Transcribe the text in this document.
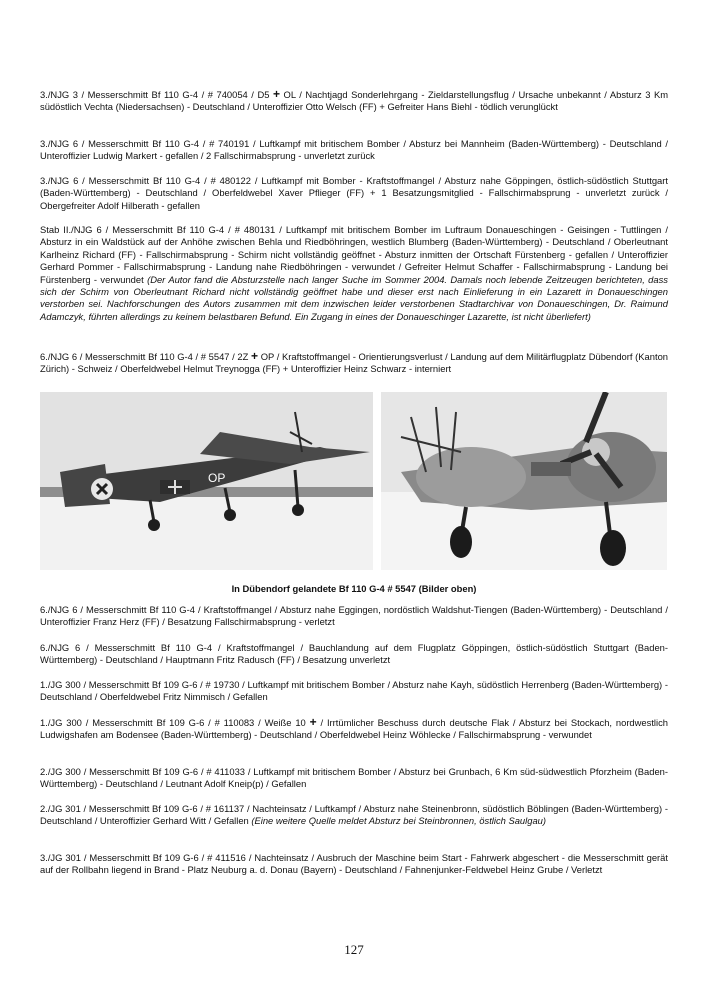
3./NJG 3 / Messerschmitt Bf 110 G-4 / # 740054 / D5 + OL / Nachtjagd Sonderlehrgang - Zieldarstellungsflug / Ursache unbekannt / Absturz 3 Km südöstlich Vechta (Niedersachsen) - Deutschland / Unteroffizier Otto Welsch (FF) + Gefreiter Hans Biehl - tödlich verunglückt

3./NJG 6 / Messerschmitt Bf 110 G-4 / # 740191 / Luftkampf mit britischem Bomber / Absturz bei Mannheim (Baden-Württemberg) - Deutschland / Unteroffizier Ludwig Markert - gefallen / 2 Fallschirmabsprung - unverletzt zurück

3./NJG 6 / Messerschmitt Bf 110 G-4 / # 480122 / Luftkampf mit Bomber - Kraftstoffmangel / Absturz nahe Göppingen, östlich-südöstlich Stuttgart (Baden-Württemberg) - Deutschland / Oberfeldwebel Xaver Pflieger (FF) + 1 Besatzungsmitglied - Fallschirmabsprung - unverletzt zurück / Obergefreiter Adolf Hilberath - gefallen

Stab II./NJG 6 / Messerschmitt Bf 110 G-4 / # 480131 / Luftkampf mit britischem Bomber im Luftraum Donaueschingen - Geisingen - Tuttlingen / Absturz in ein Waldstück auf der Anhöhe zwischen Behla und Riedböhringen, westlich Blumberg (Baden-Württemberg) - Deutschland / Oberleutnant Karlheinz Richard (FF) - Fallschirmabsprung - Schirm nicht vollständig geöffnet - Absturz inmitten der Ortschaft Fürstenberg - gefallen / Unteroffizier Gerhard Pommer - Fallschirmabsprung - Landung nahe Riedböhringen - verwundet / Gefreiter Helmut Schaffer - Fallschirmabsprung - Landung bei Fürstenberg - verwundet (Der Autor fand die Absturzstelle nach langer Suche im Sommer 2004. Damals noch lebende Zeitzeugen berichteten, dass sich der Schirm von Oberleutnant Richard nicht vollständig geöffnet habe und dieser erst nach Einlieferung in ein Lazarett in Donaueschingen verstorben sei. Nachforschungen des Autors zusammen mit dem inzwischen leider verstorbenen Stadtarchivar von Donaueschingen, Dr. Raimund Adamczyk, führten allerdings zu keinem belastbaren Befund. Ein Zugang in eines der Donaueschinger Lazarette, ist nicht überliefert)

6./NJG 6 / Messerschmitt Bf 110 G-4 / # 5547 / 2Z + OP / Kraftstoffmangel - Orientierungsverlust / Landung auf dem Militärflugplatz Dübendorf (Kanton Zürich) - Schweiz / Oberfeldwebel Helmut Treynogga (FF) + Unteroffizier Heinz Schwarz - interniert

OP
In Dübendorf gelandete Bf 110 G-4 # 5547 (Bilder oben)

6./NJG 6 / Messerschmitt Bf 110 G-4 / Kraftstoffmangel / Absturz nahe Eggingen, nordöstlich Waldshut-Tiengen (Baden-Württemberg) - Deutschland / Unteroffizier Franz Herz (FF) / Besatzung Fallschirmabsprung - verletzt

6./NJG 6 / Messerschmitt Bf 110 G-4 / Kraftstoffmangel / Bauchlandung auf dem Flugplatz Göppingen, östlich-südöstlich Stuttgart (Baden-Württemberg) - Deutschland / Hauptmann Fritz Radusch (FF) / Besatzung unverletzt

1./JG 300 / Messerschmitt Bf 109 G-6 / # 19730 / Luftkampf mit britischem Bomber / Absturz nahe Kayh, südöstlich Herrenberg (Baden-Württemberg) - Deutschland / Oberfeldwebel Fritz Nimmisch / Gefallen

1./JG 300 / Messerschmitt Bf 109 G-6 / # 110083 / Weiße 10 + / Irrtümlicher Beschuss durch deutsche Flak / Absturz bei Stockach, nordwestlich Ludwigshafen am Bodensee (Baden-Württemberg) - Deutschland / Oberfeldwebel Heinz Wöhlecke / Fallschirmabsprung - verwundet

2./JG 300 / Messerschmitt Bf 109 G-6 / # 411033 / Luftkampf mit britischem Bomber / Absturz bei Grunbach, 6 Km süd-südwestlich Pforzheim (Baden-Württemberg) - Deutschland / Leutnant Adolf Kneip(p) / Gefallen

2./JG 301 / Messerschmitt Bf 109 G-6 / # 161137 / Nachteinsatz / Luftkampf / Absturz nahe Steinenbronn, südöstlich Böblingen (Baden-Württemberg) - Deutschland / Unteroffizier Gerhard Witt / Gefallen (Eine weitere Quelle meldet Absturz bei Steinbronnen, östlich Saulgau)

3./JG 301 / Messerschmitt Bf 109 G-6 / # 411516 / Nachteinsatz / Ausbruch der Maschine beim Start - Fahrwerk abgeschert - die Messerschmitt gerät auf der Rollbahn liegend in Brand - Platz Neuburg a. d. Donau (Bayern) - Deutschland / Fahnenjunker-Feldwebel Heinz Grube / Verletzt

127
